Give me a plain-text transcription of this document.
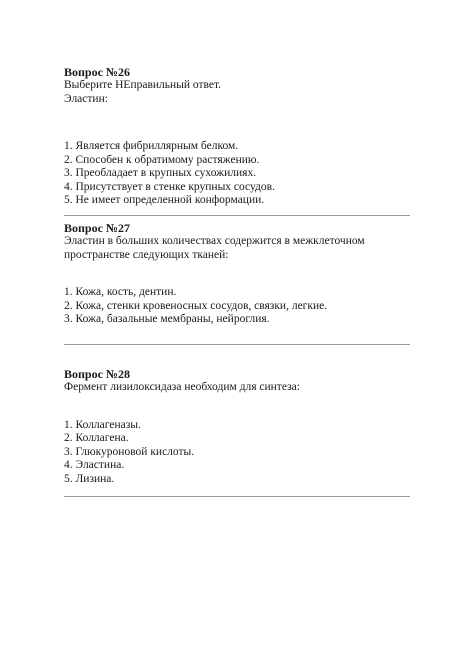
Вопрос №26

Выберите НЕправильный ответ.

Эластин:

1. Является фибриллярным белком.
2. Способен к обратимому растяжению.
3. Преобладает в крупных сухожилиях.
4. Присутствует в стенке крупных сосудов.
5. Не имеет определенной конформации.

Вопрос №27

Эластин в больших количествах содержится в межклеточном

пространстве следующих тканей:

1. Кожа, кость, дентин.
2. Кожа, стенки кровеносных сосудов, связки, легкие.
3. Кожа, базальные мембраны, нейроглия.

Вопрос №28

Фермент лизилоксидаза необходим для синтеза:

1. Коллагеназы.
2. Коллагена.
3. Глюкуроновой кислоты.
4. Эластина.
5. Лизина.
